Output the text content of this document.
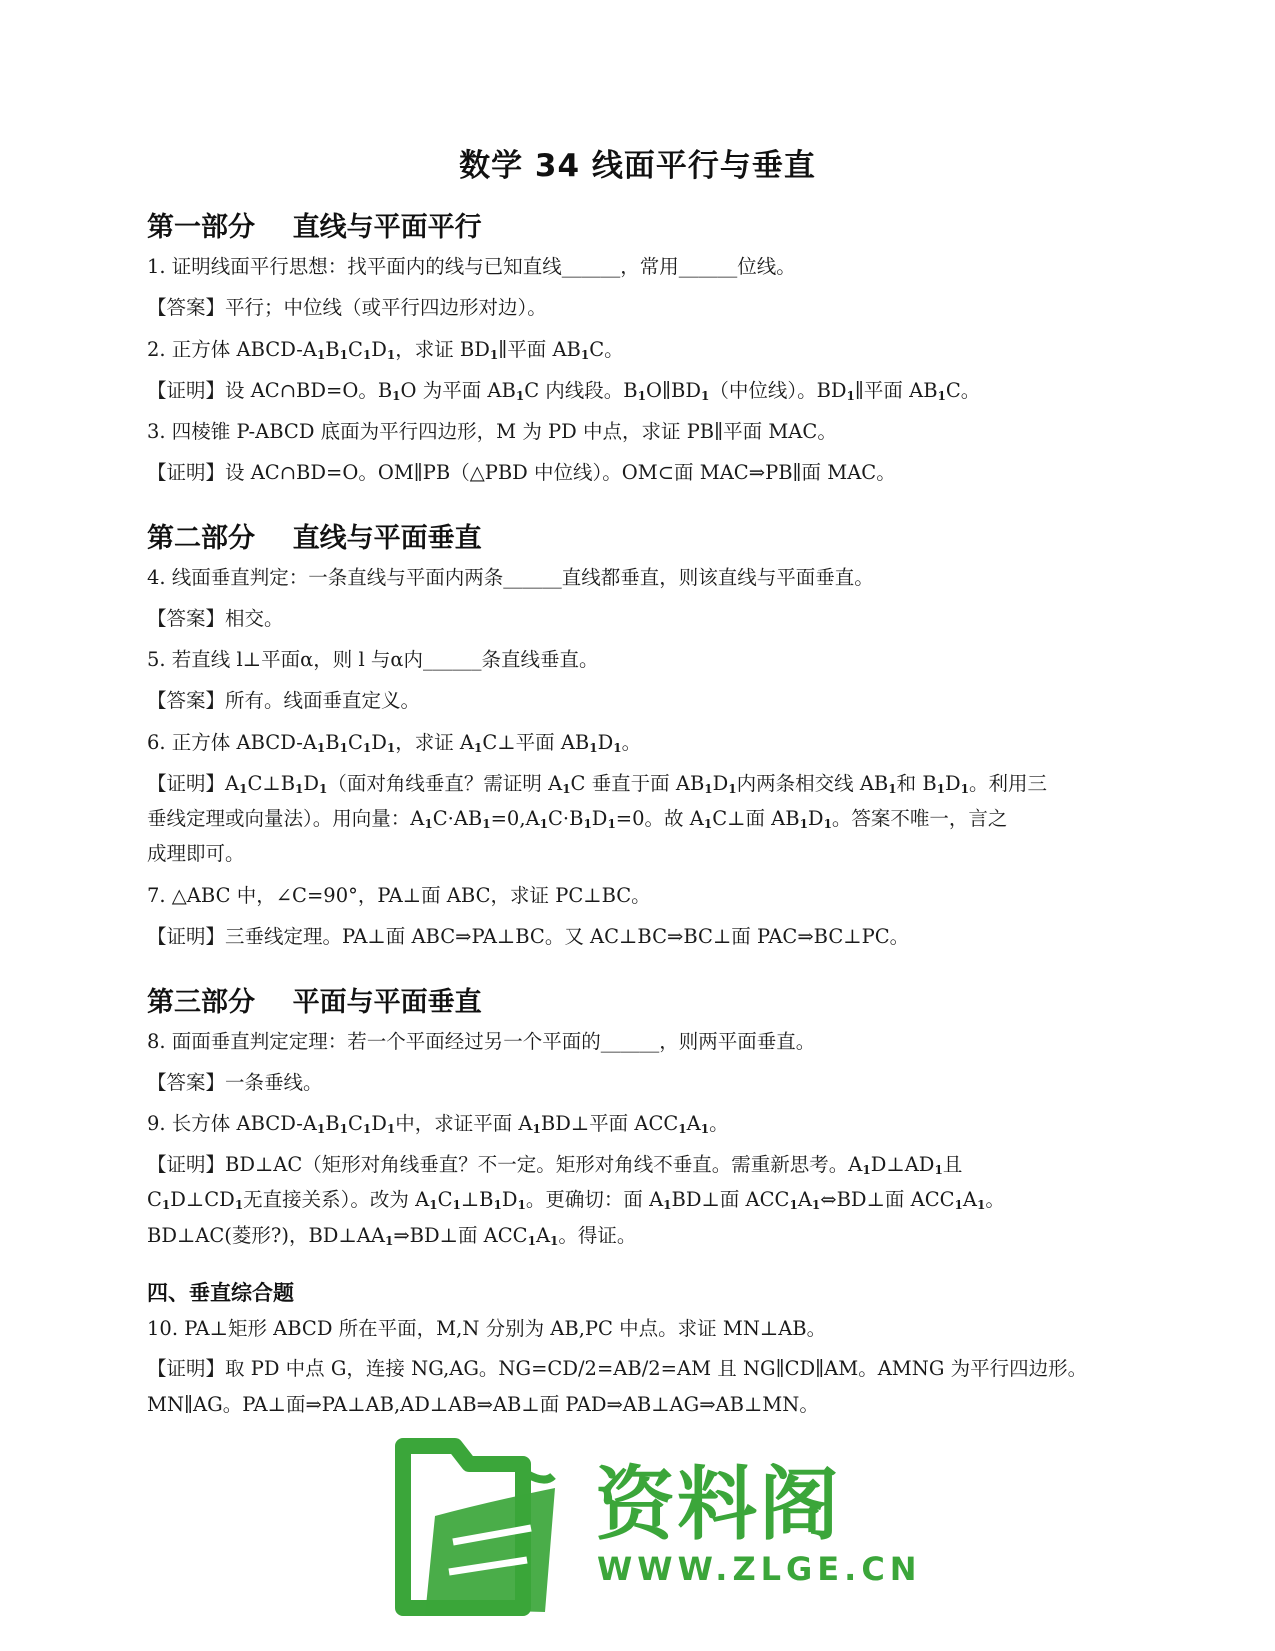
数学 34 线面平行与垂直
第一部分    直线与平面平行
1. 证明线面平行思想：找平面内的线与已知直线______，常用______位线。
【答案】平行；中位线（或平行四边形对边）。
2. 正方体 ABCD-$A_1B_1C_1D_1$，求证 $BD_1\parallel$平面 $AB_1C$。
【证明】设 AC∩BD=O。$B_1O$ 为平面 $AB_1C$ 内线段。$B_1O\parallel BD_1$（中位线）。$BD_1\parallel$平面 $AB_1C$。
3. 四棱锥 P-ABCD 底面为平行四边形，M 为 PD 中点，求证 PB∥平面 MAC。
【证明】设 AC∩BD=O。OM∥PB（△PBD 中位线）。OM⊂面 MAC⇒PB∥面 MAC。
第二部分    直线与平面垂直
4. 线面垂直判定：一条直线与平面内两条______直线都垂直，则该直线与平面垂直。
【答案】相交。
5. 若直线 l⊥平面α，则 l 与α内______条直线垂直。
【答案】所有。线面垂直定义。
6. 正方体 ABCD-$A_1B_1C_1D_1$，求证 $A_1C\perp$平面 $AB_1D_1$。
【证明】$A_1C\perp B_1D_1$（面对角线垂直？需证明 $A_1C$ 垂直于面 $AB_1D_1$内两条相交线 $AB_1$和 $B_1D_1$。利用三
垂线定理或向量法）。用向量：$A_1C\cdot AB_1=0,A_1C\cdot B_1D_1=0$。故 $A_1C\perp$面 $AB_1D_1$。答案不唯一，言之
成理即可。
7. △ABC 中，∠C=90°，PA⊥面 ABC，求证 PC⊥BC。
【证明】三垂线定理。PA⊥面 ABC⇒PA⊥BC。又 AC⊥BC⇒BC⊥面 PAC⇒BC⊥PC。
第三部分    平面与平面垂直
8. 面面垂直判定定理：若一个平面经过另一个平面的______，则两平面垂直。
【答案】一条垂线。
9. 长方体 ABCD-$A_1B_1C_1D_1$中，求证平面 $A_1BD\perp$平面 $ACC_1A_1$。
【证明】BD⊥AC（矩形对角线垂直？不一定。矩形对角线不垂直。需重新思考。$A_1D\perp AD_1$且
$C_1D\perp CD_1$无直接关系）。改为 $A_1C_1\perp B_1D_1$。更确切：面 $A_1BD\perp$面 $ACC_1A_1\Leftrightarrow BD\perp$面 $ACC_1A_1$。
BD⊥AC(菱形?)，$BD\perp AA_1\Rightarrow BD\perp$面 $ACC_1A_1$。得证。
四、垂直综合题
10. PA⊥矩形 ABCD 所在平面，M,N 分别为 AB,PC 中点。求证 MN⊥AB。
【证明】取 PD 中点 G，连接 NG,AG。NG=CD/2=AB/2=AM 且 NG∥CD∥AM。AMNG 为平行四边形。
MN∥AG。PA⊥面⇒PA⊥AB,AD⊥AB⇒AB⊥面 PAD⇒AB⊥AG⇒AB⊥MN。
资料阁
WWW.ZLGE.CN
